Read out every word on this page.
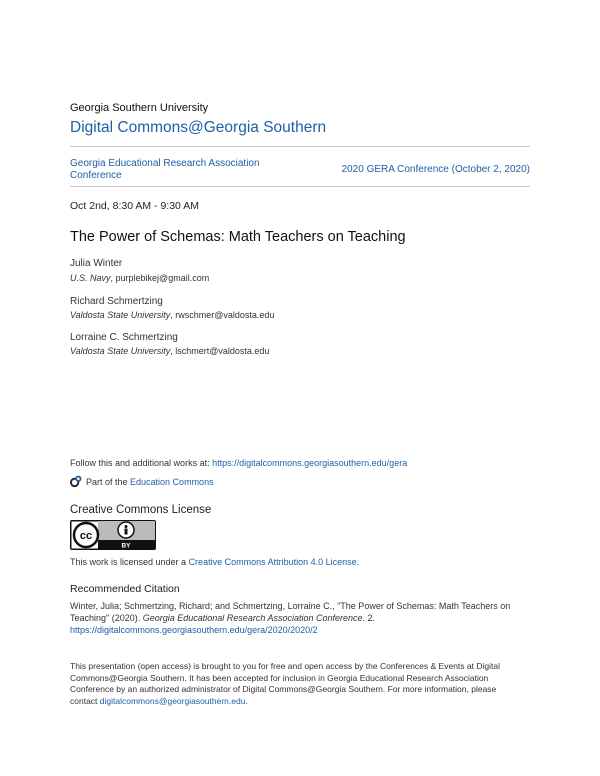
Georgia Southern University
Digital Commons@Georgia Southern
Georgia Educational Research Association Conference	2020 GERA Conference (October 2, 2020)
Oct 2nd, 8:30 AM - 9:30 AM
The Power of Schemas: Math Teachers on Teaching
Julia Winter
U.S. Navy, purplebikej@gmail.com
Richard Schmertzing
Valdosta State University, rwschmer@valdosta.edu
Lorraine C. Schmertzing
Valdosta State University, lschmert@valdosta.edu
Follow this and additional works at: https://digitalcommons.georgiasouthern.edu/gera
Part of the Education Commons
Creative Commons License
cc
BY
This work is licensed under a Creative Commons Attribution 4.0 License.
Recommended Citation
Winter, Julia; Schmertzing, Richard; and Schmertzing, Lorraine C., "The Power of Schemas: Math Teachers on Teaching" (2020). Georgia Educational Research Association Conference. 2.
https://digitalcommons.georgiasouthern.edu/gera/2020/2020/2
This presentation (open access) is brought to you for free and open access by the Conferences & Events at Digital Commons@Georgia Southern. It has been accepted for inclusion in Georgia Educational Research Association Conference by an authorized administrator of Digital Commons@Georgia Southern. For more information, please contact digitalcommons@georgiasouthern.edu.
